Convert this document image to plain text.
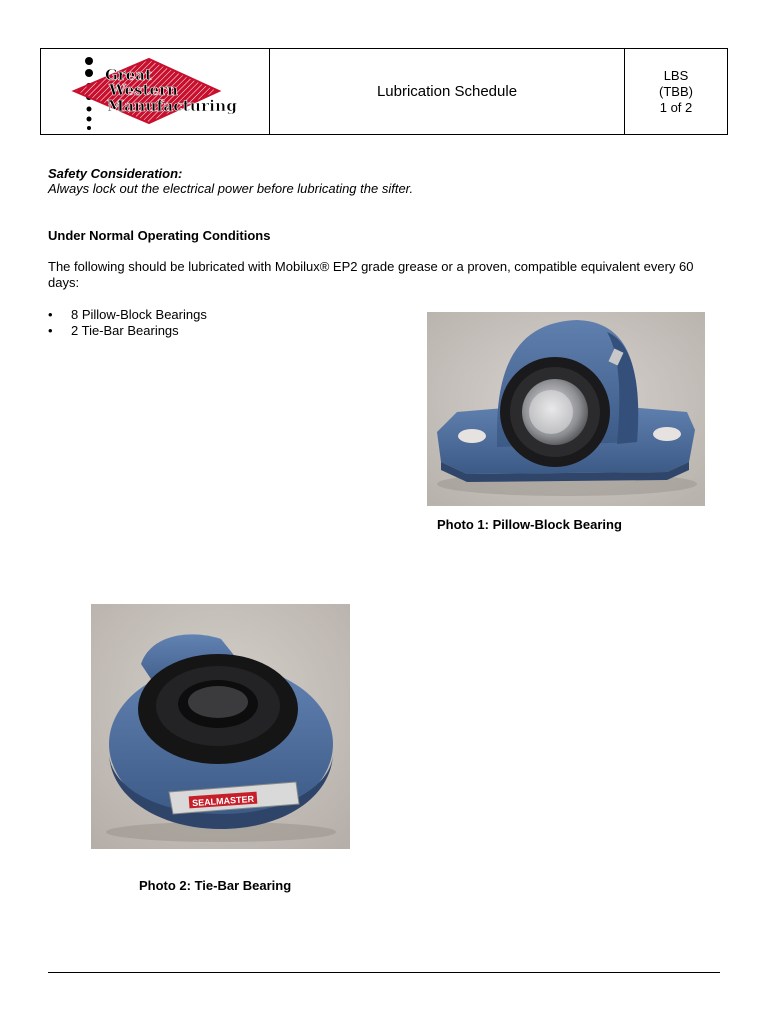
Great
Western
Manufacturing
Lubrication Schedule
LBS
(TBB)
1 of 2
Safety Consideration:
Always lock out the electrical power before lubricating the sifter.
Under Normal Operating Conditions
The following should be lubricated with Mobilux® EP2 grade grease or a proven, compatible equivalent every 60 days:
• 8 Pillow-Block Bearings
• 2 Tie-Bar Bearings
Photo 1: Pillow-Block Bearing
SEALMASTER
Photo 2: Tie-Bar Bearing
